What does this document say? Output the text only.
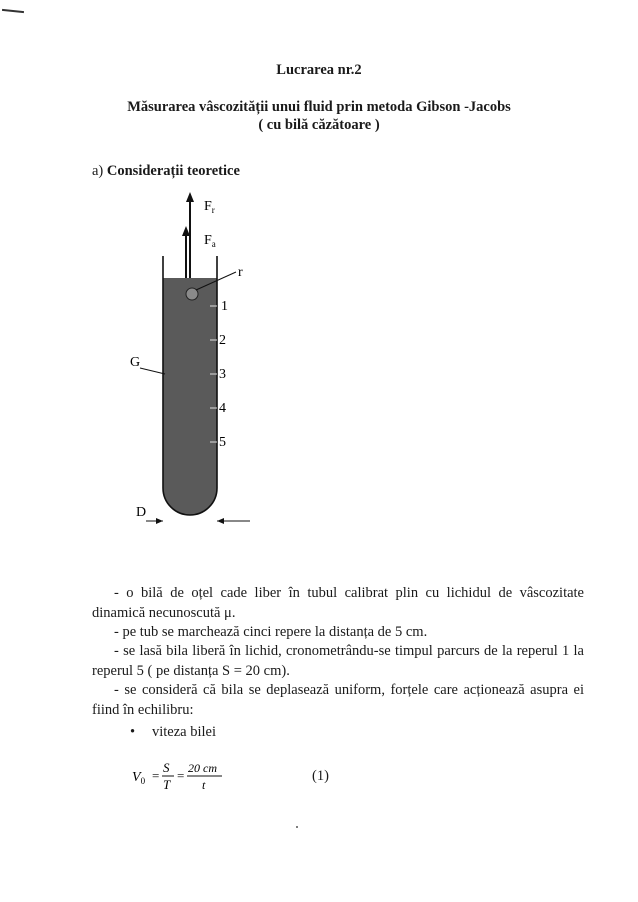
Lucrarea nr.2
Măsurarea vâscozității unui fluid prin metoda Gibson -Jacobs
( cu bilă căzătoare )
a) Considerații teoretice
$F_r$
$F_a$
r
1
2
3
4
5
G
D
- o bilă de oțel cade liber în tubul calibrat plin cu lichidul de vâscozitate dinamică necunoscută μ.
- pe tub se marchează cinci repere la distanța de 5 cm.
- se lasă bila liberă în lichid, cronometrându-se timpul parcurs de la reperul 1 la reperul 5 ( pe distanța S = 20 cm).
- se consideră că bila se deplasează uniform, forțele care acționează asupra ei fiind în echilibru:
• viteza bilei
$V_0$ =
S
T
= 20 cm
t
(1)
